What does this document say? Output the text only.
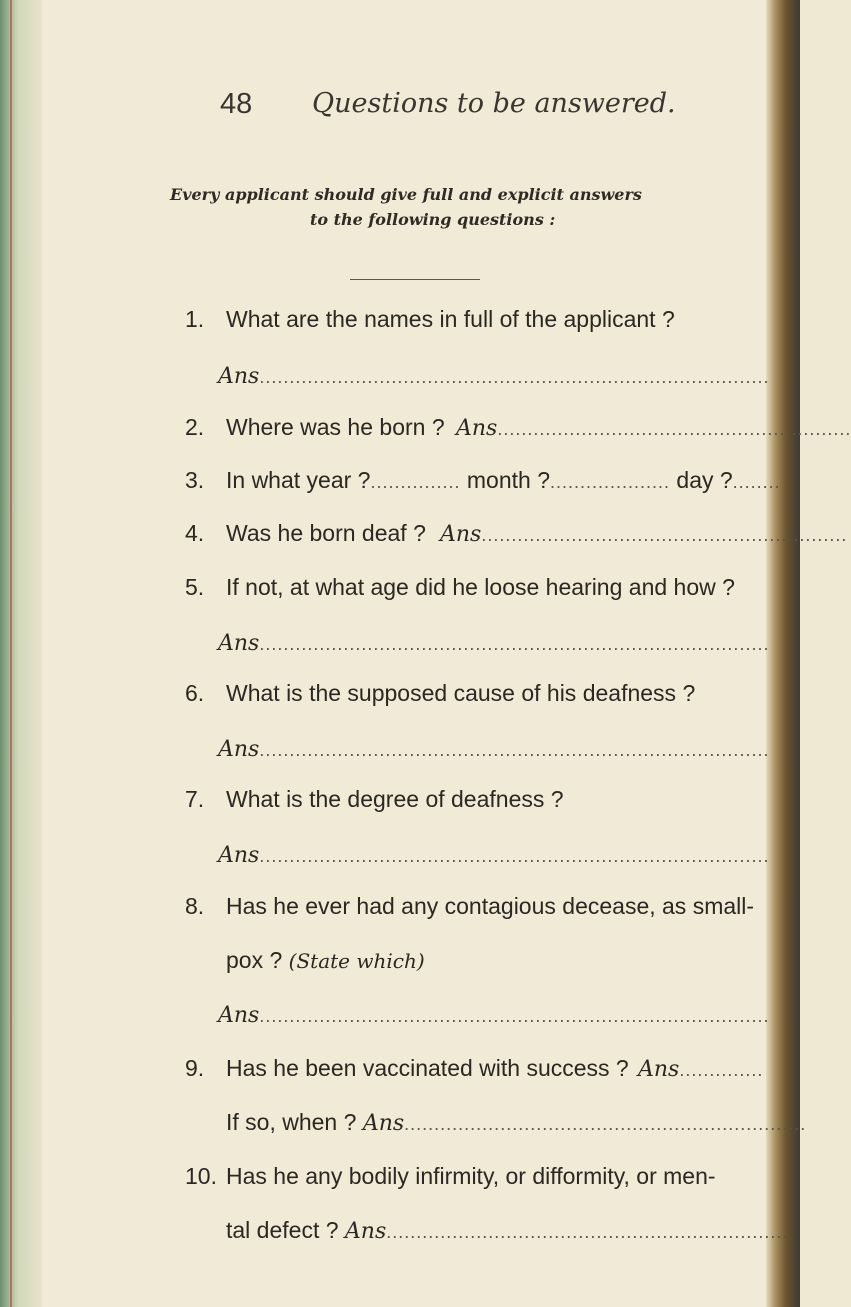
48 Questions to be answered.
Every applicant should give full and explicit answers
to the following questions :
1. What are the names in full of the applicant ?
Ans.....................................................................................
2. Where was he born ? Ans...........................................................
3. In what year ?............... month ?.................... day ?........
4. Was he born deaf ? Ans.............................................................
5. If not, at what age did he loose hearing and how ?
Ans.....................................................................................
6. What is the supposed cause of his deafness ?
Ans.....................................................................................
7. What is the degree of deafness ?
Ans.....................................................................................
8. Has he ever had any contagious decease, as small-
pox ? (State which)
Ans.....................................................................................
9. Has he been vaccinated with success ? Ans..............
If so, when ? Ans...................................................................
10. Has he any bodily infirmity, or difformity, or men-
tal defect ? Ans...................................................................
